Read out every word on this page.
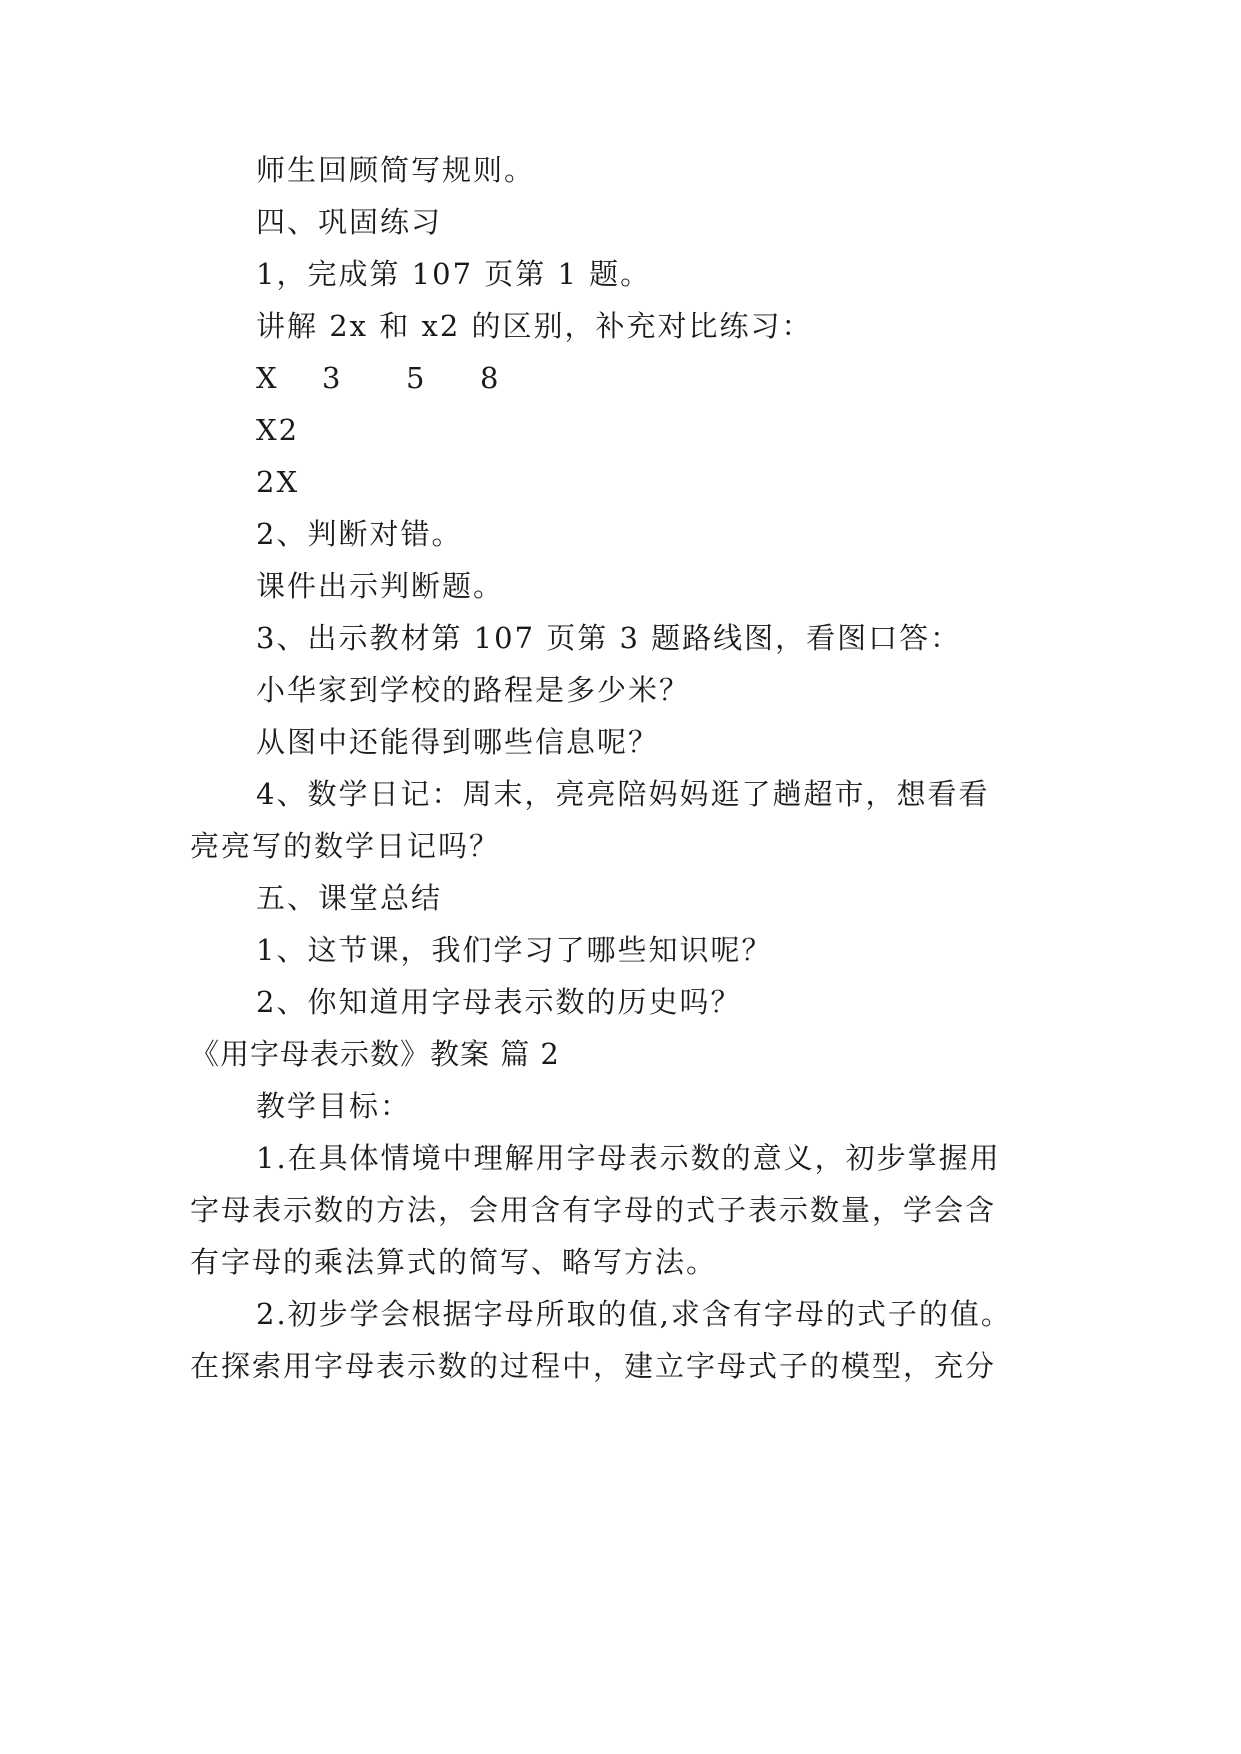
师生回顾简写规则。
四、巩固练习
1，完成第 107 页第 1 题。
讲解 2x 和 x2 的区别，补充对比练习：
X 3 5 8
X2
2X
2、判断对错。
课件出示判断题。
3、出示教材第 107 页第 3 题路线图，看图口答：
小华家到学校的路程是多少米？
从图中还能得到哪些信息呢？
4、数学日记：周末，亮亮陪妈妈逛了趟超市，想看看
亮亮写的数学日记吗？
五、课堂总结
1、这节课，我们学习了哪些知识呢？
2、你知道用字母表示数的历史吗？
《用字母表示数》教案 篇 2
教学目标：
1.在具体情境中理解用字母表示数的意义，初步掌握用
字母表示数的方法，会用含有字母的式子表示数量，学会含
有字母的乘法算式的简写、略写方法。
2.初步学会根据字母所取的值,求含有字母的式子的值。
在探索用字母表示数的过程中，建立字母式子的模型，充分
